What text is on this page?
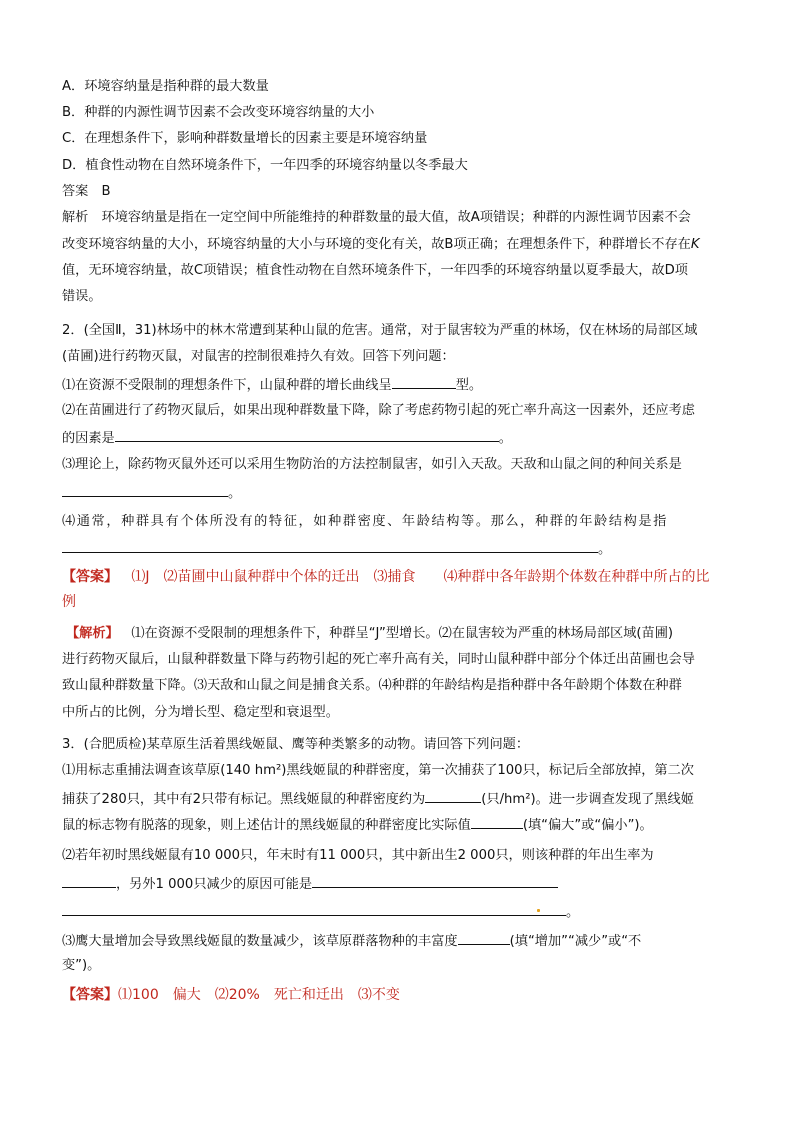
A．环境容纳量是指种群的最大数量
B．种群的内源性调节因素不会改变环境容纳量的大小
C．在理想条件下，影响种群数量增长的因素主要是环境容纳量
D．植食性动物在自然环境条件下，一年四季的环境容纳量以冬季最大
答案　B
解析　环境容纳量是指在一定空间中所能维持的种群数量的最大值，故A项错误；种群的内源性调节因素不会
改变环境容纳量的大小，环境容纳量的大小与环境的变化有关，故B项正确；在理想条件下，种群增长不存在K
值，无环境容纳量，故C项错误；植食性动物在自然环境条件下，一年四季的环境容纳量以夏季最大，故D项
错误。
2．(全国Ⅱ，31)林场中的林木常遭到某种山鼠的危害。通常，对于鼠害较为严重的林场，仅在林场的局部区域
(苗圃)进行药物灭鼠，对鼠害的控制很难持久有效。回答下列问题：
⑴在资源不受限制的理想条件下，山鼠种群的增长曲线呈	型。
⑵在苗圃进行了药物灭鼠后，如果出现种群数量下降，除了考虑药物引起的死亡率升高这一因素外，还应考虑
的因素是	。
⑶理论上，除药物灭鼠外还可以采用生物防治的方法控制鼠害，如引入天敌。天敌和山鼠之间的种间关系是
。
⑷ 通 常 ， 种 群 具 有 个 体 所 没 有 的 特 征 ， 如 种 群 密 度 、 年 龄 结 构 等 。 那 么 ， 种 群 的 年 龄 结 构 是 指
。
【答案】 ⑴J　⑵苗圃中山鼠种群中个体的迁出　⑶捕食　　⑷种群中各年龄期个体数在种群中所占的比
例
【解析】 ⑴在资源不受限制的理想条件下，种群呈“J”型增长。⑵在鼠害较为严重的林场局部区域(苗圃)
进行药物灭鼠后，山鼠种群数量下降与药物引起的死亡率升高有关，同时山鼠种群中部分个体迁出苗圃也会导
致山鼠种群数量下降。⑶天敌和山鼠之间是捕食关系。⑷种群的年龄结构是指种群中各年龄期个体数在种群
中所占的比例，分为增长型、稳定型和衰退型。
3．(合肥质检)某草原生活着黑线姬鼠、鹰等种类繁多的动物。请回答下列问题：
⑴用标志重捕法调查该草原(140 hm²)黑线姬鼠的种群密度，第一次捕获了100只，标记后全部放掉，第二次
捕获了280只，其中有2只带有标记。黑线姬鼠的种群密度约为	(只/hm²)。进一步调查发现了黑线姬
鼠的标志物有脱落的现象，则上述估计的黑线姬鼠的种群密度比实际值	(填“偏大”或“偏小”)。
⑵若年初时黑线姬鼠有10 000只，年末时有11 000只，其中新出生2 000只，则该种群的年出生率为
，另外1 000只减少的原因可能是
。
⑶鹰大量增加会导致黑线姬鼠的数量减少，该草原群落物种的丰富度	(填“增加”“减少”或“不
变”)。
【答案】⑴100　偏大　⑵20%　死亡和迁出　⑶不变
